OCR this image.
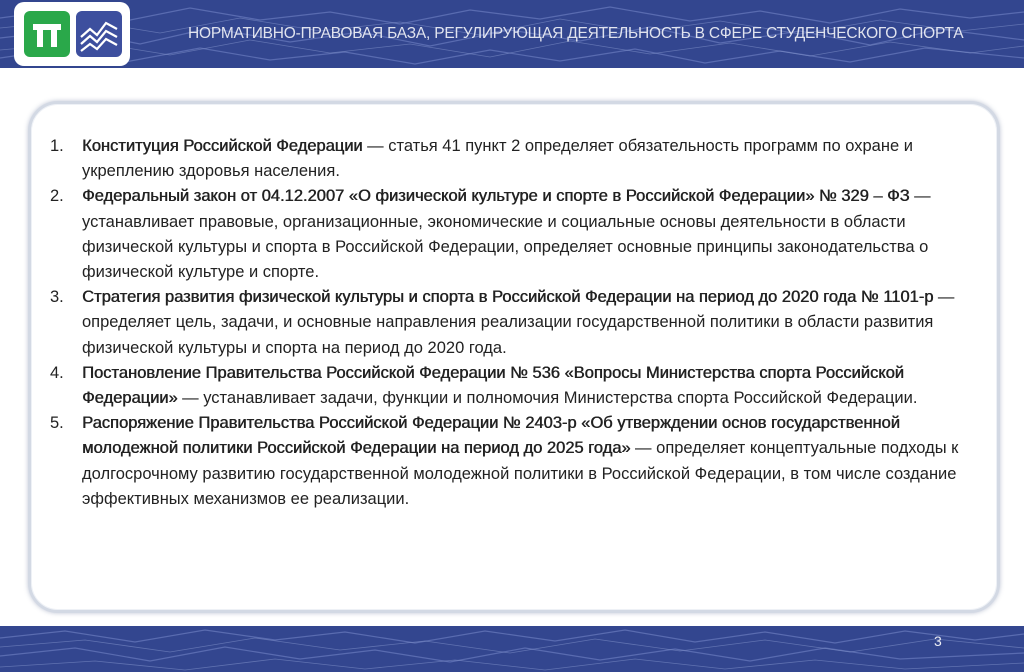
НОРМАТИВНО-ПРАВОВАЯ БАЗА, РЕГУЛИРУЮЩАЯ ДЕЯТЕЛЬНОСТЬ В СФЕРЕ СТУДЕНЧЕСКОГО СПОРТА
1. Конституция Российской Федерации — статья 41 пункт 2 определяет обязательность программ по охране и укреплению здоровья населения.
2. Федеральный закон от 04.12.2007 «О физической культуре и спорте в Российской Федерации» № 329 – ФЗ —устанавливает правовые, организационные, экономические и социальные основы деятельности в области физической культуры и спорта в Российской Федерации, определяет основные принципы законодательства о физической культуре и спорте.
3. Стратегия развития физической культуры и спорта в Российской Федерации на период до 2020 года № 1101-р — определяет цель, задачи, и основные направления реализации государственной политики в области развития физической культуры и спорта на период до 2020 года.
4. Постановление Правительства Российской Федерации № 536 «Вопросы Министерства спорта Российской Федерации» — устанавливает задачи, функции и полномочия Министерства спорта Российской Федерации.
5. Распоряжение Правительства Российской Федерации № 2403-р «Об утверждении основ государственной молодежной политики Российской Федерации на период до 2025 года» — определяет концептуальные подходы к долгосрочному развитию государственной молодежной политики в Российской Федерации, в том числе создание эффективных механизмов ее реализации.
3
